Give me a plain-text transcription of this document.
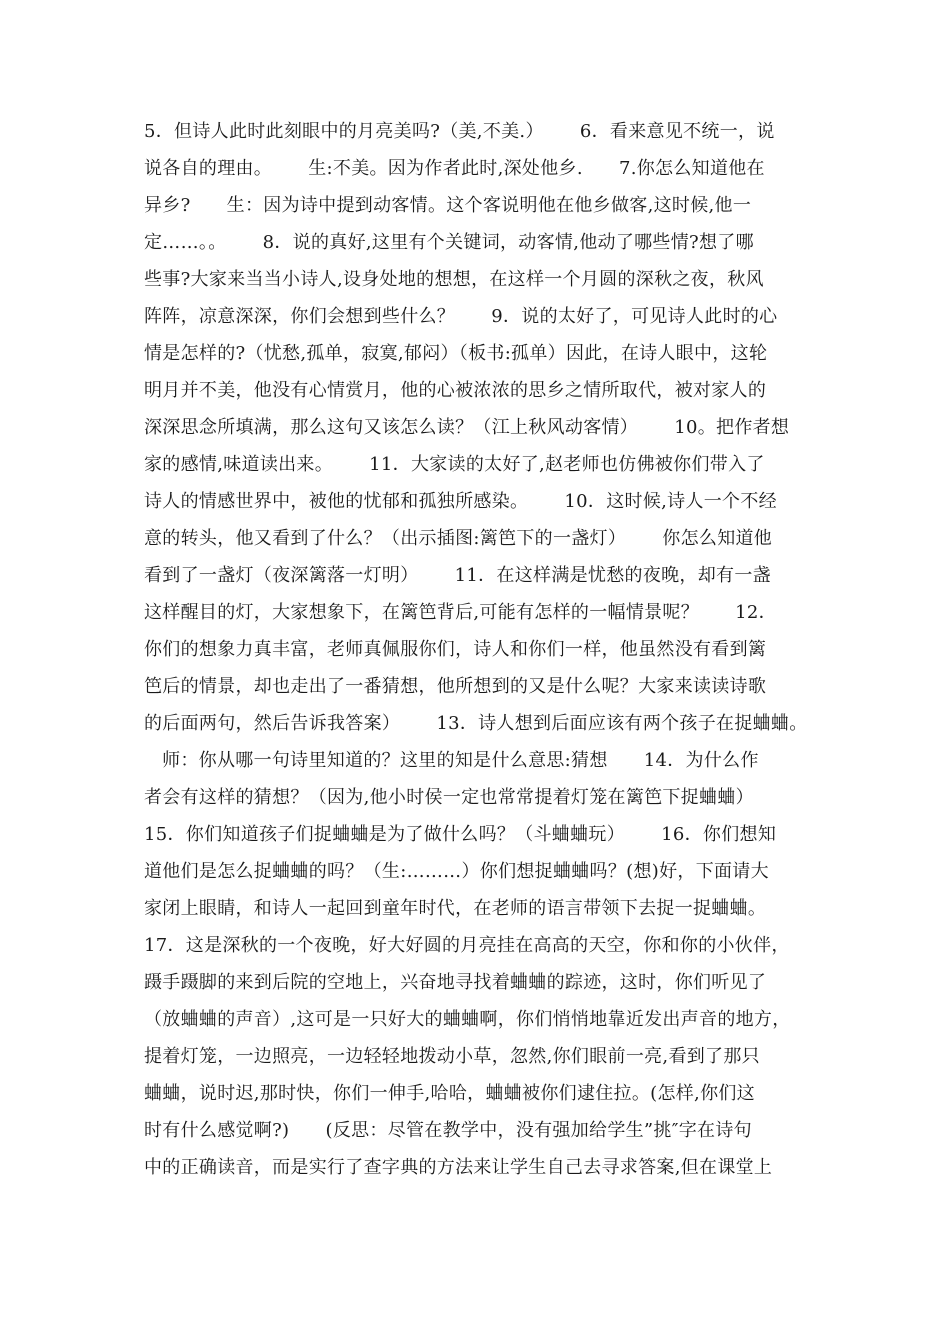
5．但诗人此时此刻眼中的月亮美吗?（美,不美.）      6．看来意见不统一，说
说各自的理由。      生:不美。因为作者此时,深处他乡.      7.你怎么知道他在
异乡?      生：因为诗中提到动客情。这个客说明他在他乡做客,这时候,他一
定……。。      8．说的真好,这里有个关键词，动客情,他动了哪些情?想了哪
些事?大家来当当小诗人,设身处地的想想，在这样一个月圆的深秋之夜，秋风
阵阵，凉意深深，你们会想到些什么？      9．说的太好了，可见诗人此时的心
情是怎样的?（忧愁,孤单，寂寞,郁闷）（板书:孤单）因此，在诗人眼中，这轮
明月并不美，他没有心情赏月，他的心被浓浓的思乡之情所取代，被对家人的
深深思念所填满，那么这句又该怎么读？（江上秋风动客情）      10。把作者想
家的感情,味道读出来。      11．大家读的太好了,赵老师也仿佛被你们带入了
诗人的情感世界中，被他的忧郁和孤独所感染。      10．这时候,诗人一个不经
意的转头，他又看到了什么？（出示插图:篱笆下的一盏灯）      你怎么知道他
看到了一盏灯（夜深篱落一灯明）      11．在这样满是忧愁的夜晚，却有一盏
这样醒目的灯，大家想象下，在篱笆背后,可能有怎样的一幅情景呢？      12．
你们的想象力真丰富，老师真佩服你们，诗人和你们一样，他虽然没有看到篱
笆后的情景，却也走出了一番猜想，他所想到的又是什么呢？大家来读读诗歌
的后面两句，然后告诉我答案）      13．诗人想到后面应该有两个孩子在捉蛐蛐。
师：你从哪一句诗里知道的？这里的知是什么意思:猜想      14．为什么作
者会有这样的猜想？（因为,他小时侯一定也常常提着灯笼在篱笆下捉蛐蛐）
15．你们知道孩子们捉蛐蛐是为了做什么吗？（斗蛐蛐玩）      16．你们想知
道他们是怎么捉蛐蛐的吗？（生:………）你们想捉蛐蛐吗？(想)好，下面请大
家闭上眼睛，和诗人一起回到童年时代，在老师的语言带领下去捉一捉蛐蛐。
17．这是深秋的一个夜晚，好大好圆的月亮挂在高高的天空，你和你的小伙伴，
蹑手蹑脚的来到后院的空地上，兴奋地寻找着蛐蛐的踪迹，这时，你们听见了
（放蛐蛐的声音）,这可是一只好大的蛐蛐啊，你们悄悄地靠近发出声音的地方，
提着灯笼，一边照亮，一边轻轻地拨动小草，忽然,你们眼前一亮,看到了那只
蛐蛐，说时迟,那时快，你们一伸手,哈哈，蛐蛐被你们逮住拉。(怎样,你们这
时有什么感觉啊?)      (反思：尽管在教学中，没有强加给学生”挑″字在诗句
中的正确读音，而是实行了查字典的方法来让学生自己去寻求答案,但在课堂上
